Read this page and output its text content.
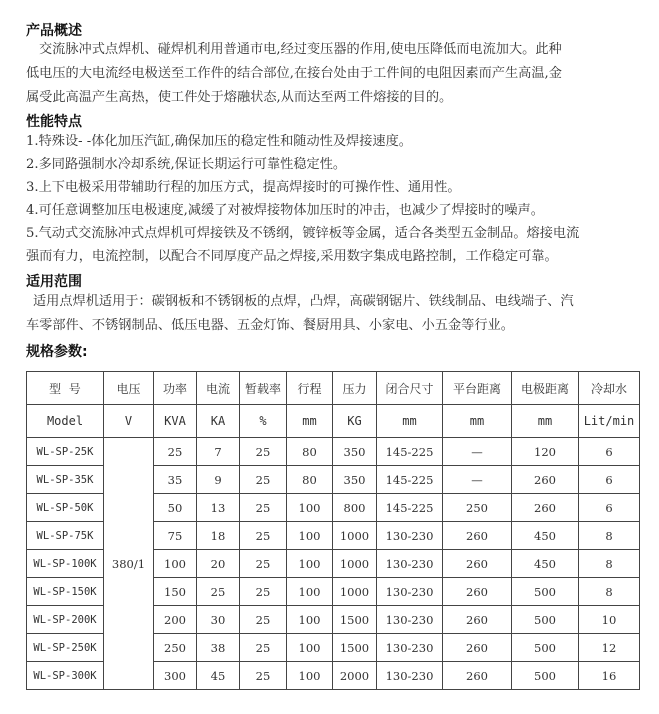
产品概述
交流脉冲式点焊机、碰焊机利用普通市电,经过变压器的作用,使电压降低而电流加大。此种
低电压的大电流经电极送至工作件的结合部位,在接台处由于工件间的电阻因素而产生高温,金
属受此高温产生高热，使工件处于熔融状态,从而达至两工件熔接的目的。
性能特点
1.特殊设- -体化加压汽缸,确保加压的稳定性和随动性及焊接速度。
2.多同路强制水冷却系统,保证长期运行可靠性稳定性。
3.上下电极采用带辅助行程的加压方式，提高焊接时的可操作性、通用性。
4.可任意调整加压电极速度,减缓了对被焊接物体加压时的冲击，也减少了焊接时的噪声。
5.气动式交流脉冲式点焊机可焊接铁及不锈纲，镀锌板等金属，适合各类型五金制品。熔接电流
强而有力，电流控制，以配合不同厚度产品之焊接,采用数字集成电路控制，工作稳定可靠。
适用范围
适用点焊机适用于：碳钢板和不锈钢板的点焊，凸焊，高碳钢锯片、铁线制品、电线端子、汽
车零部件、不锈钢制品、低压电器、五金灯饰、餐厨用具、小家电、小五金等行业。
规格参数:
型  号	电压	功率	电流	暂载率	行程	压力	闭合尺寸	平台距离	电极距离	冷却水
Model	V	KVA	KA	%	mm	KG	mm	mm	mm	Lit/min
WL-SP-25K	380/1	25	7	25	80	350	145-225	—	120	6
WL-SP-35K		35	9	25	80	350	145-225	—	260	6
WL-SP-50K		50	13	25	100	800	145-225	250	260	6
WL-SP-75K		75	18	25	100	1000	130-230	260	450	8
WL-SP-100K		100	20	25	100	1000	130-230	260	450	8
WL-SP-150K		150	25	25	100	1000	130-230	260	500	8
WL-SP-200K		200	30	25	100	1500	130-230	260	500	10
WL-SP-250K		250	38	25	100	1500	130-230	260	500	12
WL-SP-300K		300	45	25	100	2000	130-230	260	500	16
